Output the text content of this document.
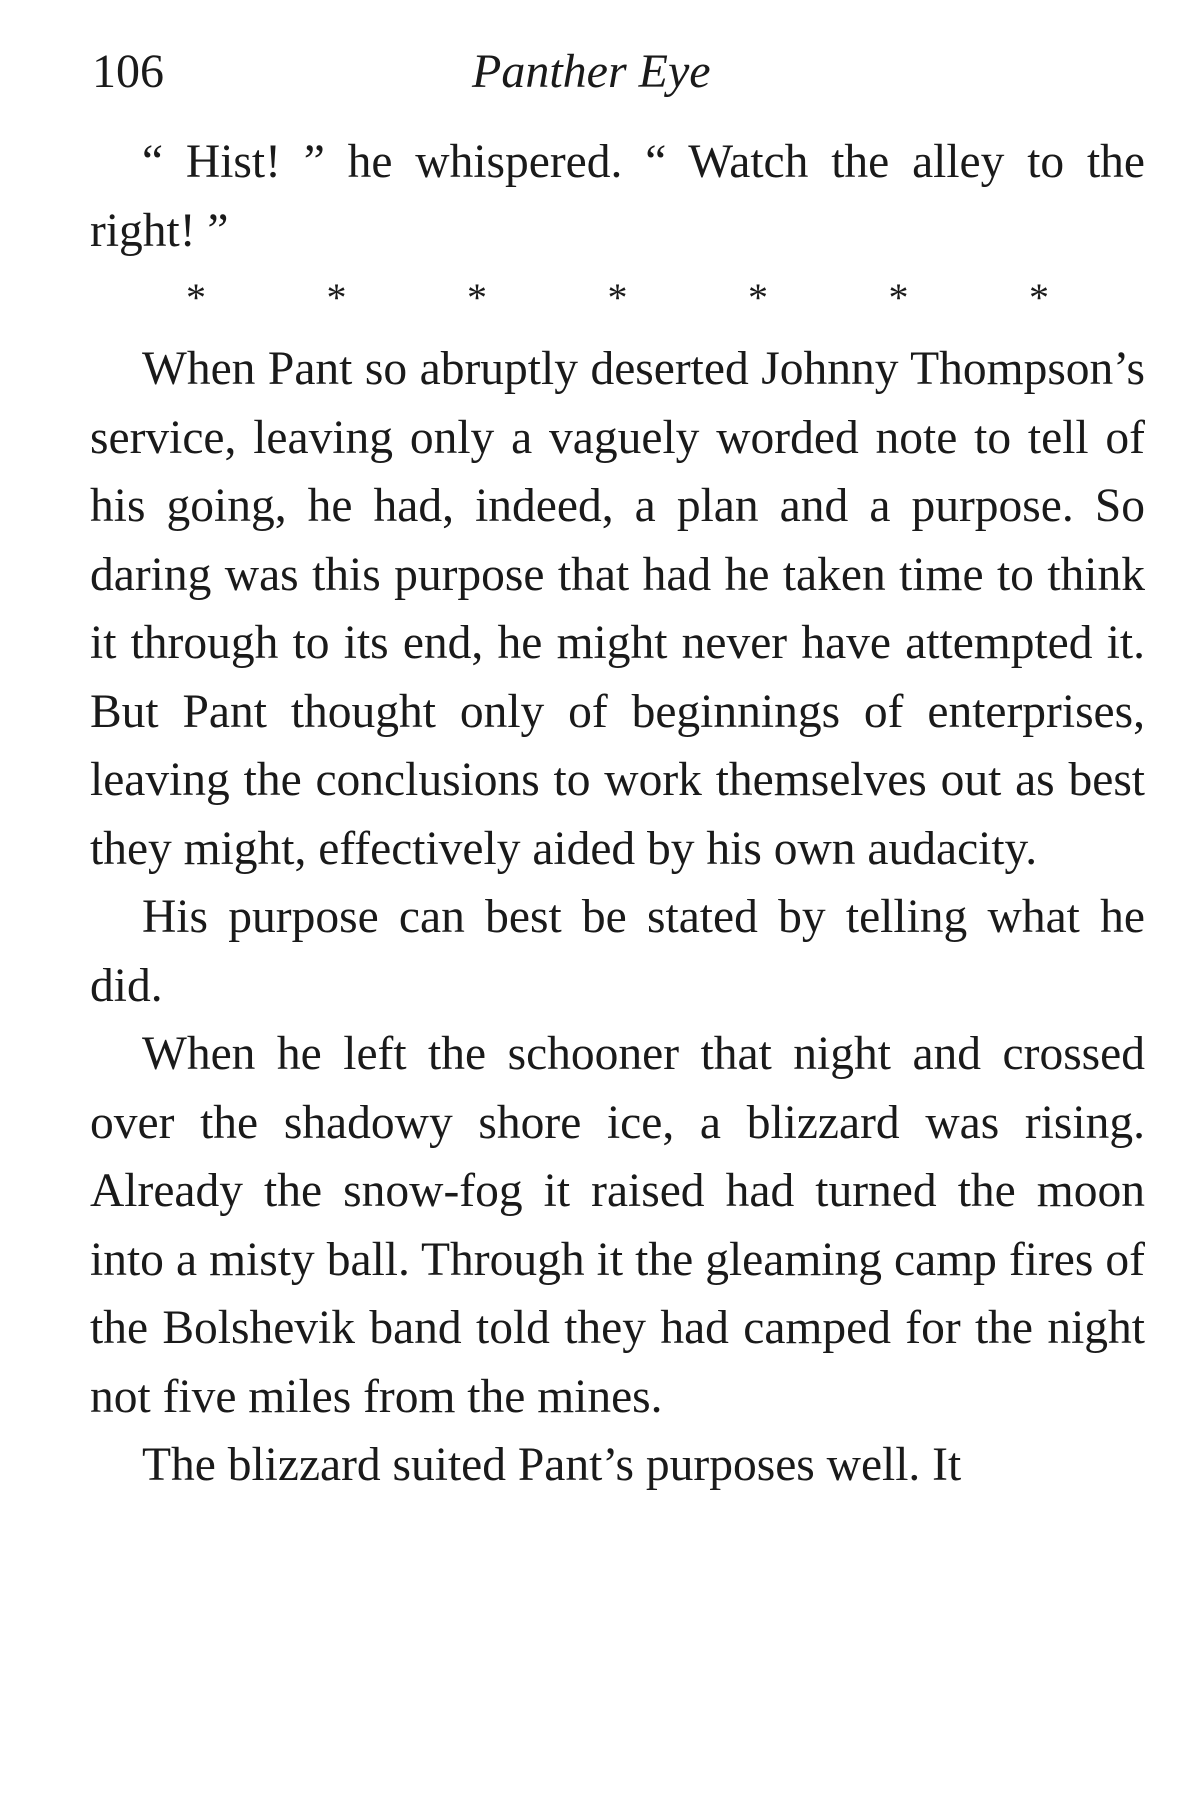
106	Panther Eye

“ Hist! ” he whispered. “ Watch the alley to the right! ”

*	*	*	*	*	*	*

When Pant so abruptly deserted Johnny Thompson’s service, leaving only a vaguely worded note to tell of his going, he had, indeed, a plan and a purpose. So daring was this purpose that had he taken time to think it through to its end, he might never have attempted it. But Pant thought only of beginnings of enterprises, leaving the conclusions to work themselves out as best they might, effectively aided by his own audacity.

His purpose can best be stated by telling what he did.

When he left the schooner that night and crossed over the shadowy shore ice, a blizzard was rising. Already the snow-fog it raised had turned the moon into a misty ball. Through it the gleaming camp fires of the Bolshevik band told they had camped for the night not five miles from the mines.

The blizzard suited Pant’s purposes well. It
